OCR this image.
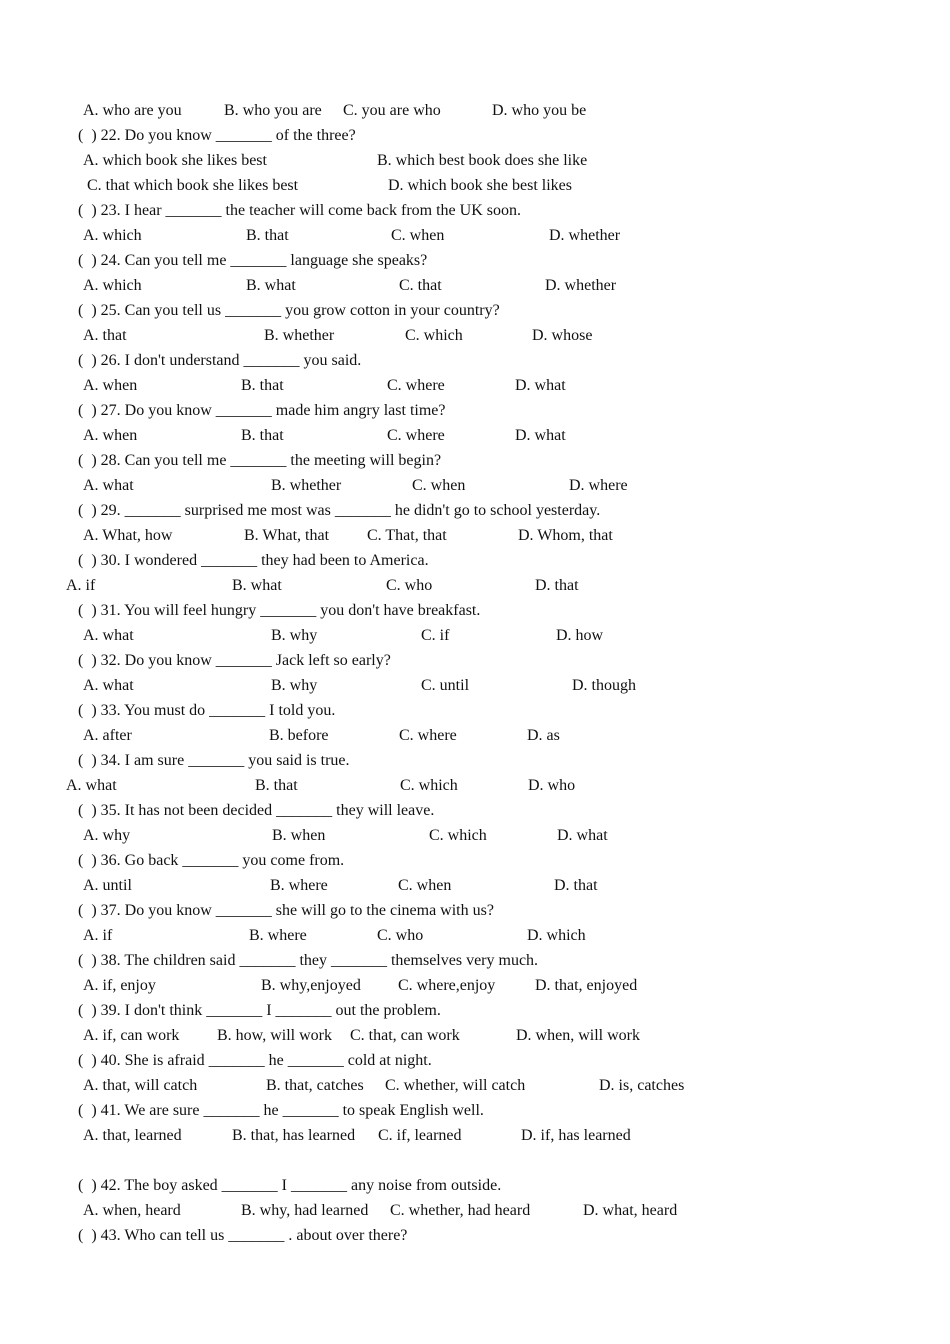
A. who are you	B. who you are C. you are who	D. who you be
(  ) 22. Do you know _______ of the three?
A. which book she likes best	B. which best book does she like
C. that which book she likes best	D. which book she best likes
(  ) 23. I hear _______ the teacher will come back from the UK soon.
A. which	B. that	C. when	D. whether
(  ) 24. Can you tell me _______ language she speaks?
A. which	B. what	C. that	D. whether
(  ) 25. Can you tell us _______ you grow cotton in your country?
A. that	B. whether	C. which	D. whose
(  ) 26. I don't understand _______ you said.
A. when	B. that	C. where	D. what
(  ) 27. Do you know _______ made him angry last time?
A. when	B. that	C. where	D. what
(  ) 28. Can you tell me _______ the meeting will begin?
A. what	B. whether	C. when	D. where
(  ) 29. _______ surprised me most was _______ he didn't go to school yesterday.
A. What, how	B. What, that C. That, that	D. Whom, that
(  ) 30. I wondered _______ they had been to America.
A. if	B. what	C. who	D. that
(  ) 31. You will feel hungry _______ you don't have breakfast.
A. what	B. why	C. if	D. how
(  ) 32. Do you know _______ Jack left so early?
A. what	B. why	C. until	D. though
(  ) 33. You must do _______ I told you.
A. after	B. before	C. where	D. as
(  ) 34. I am sure _______ you said is true.
A. what	B. that	C. which	D. who
(  ) 35. It has not been decided _______ they will leave.
A. why	B. when	C. which	D. what
(  ) 36. Go back _______ you come from.
A. until	B. where	C. when	D. that
(  ) 37. Do you know _______ she will go to the cinema with us?
A. if	B. where	C. who	D. which
(  ) 38. The children said _______ they _______ themselves very much.
A. if, enjoy	B. why,enjoyed C. where,enjoy D. that, enjoyed
(  ) 39. I don't think _______ I _______ out the problem.
A. if, can work B. how, will work C. that, can work	D. when, will work
(  ) 40. She is afraid _______ he _______ cold at night.
A. that, will catch	B. that, catches C. whether, will catch	D. is, catches
(  ) 41. We are sure _______ he _______ to speak English well.
A. that, learned	B. that, has learned C. if, learned	D. if, has learned
(  ) 42. The boy asked _______ I _______ any noise from outside.
A. when, heard	B. why, had learned C. whether, had heard	D. what, heard
(  ) 43. Who can tell us _______ . about over there?
